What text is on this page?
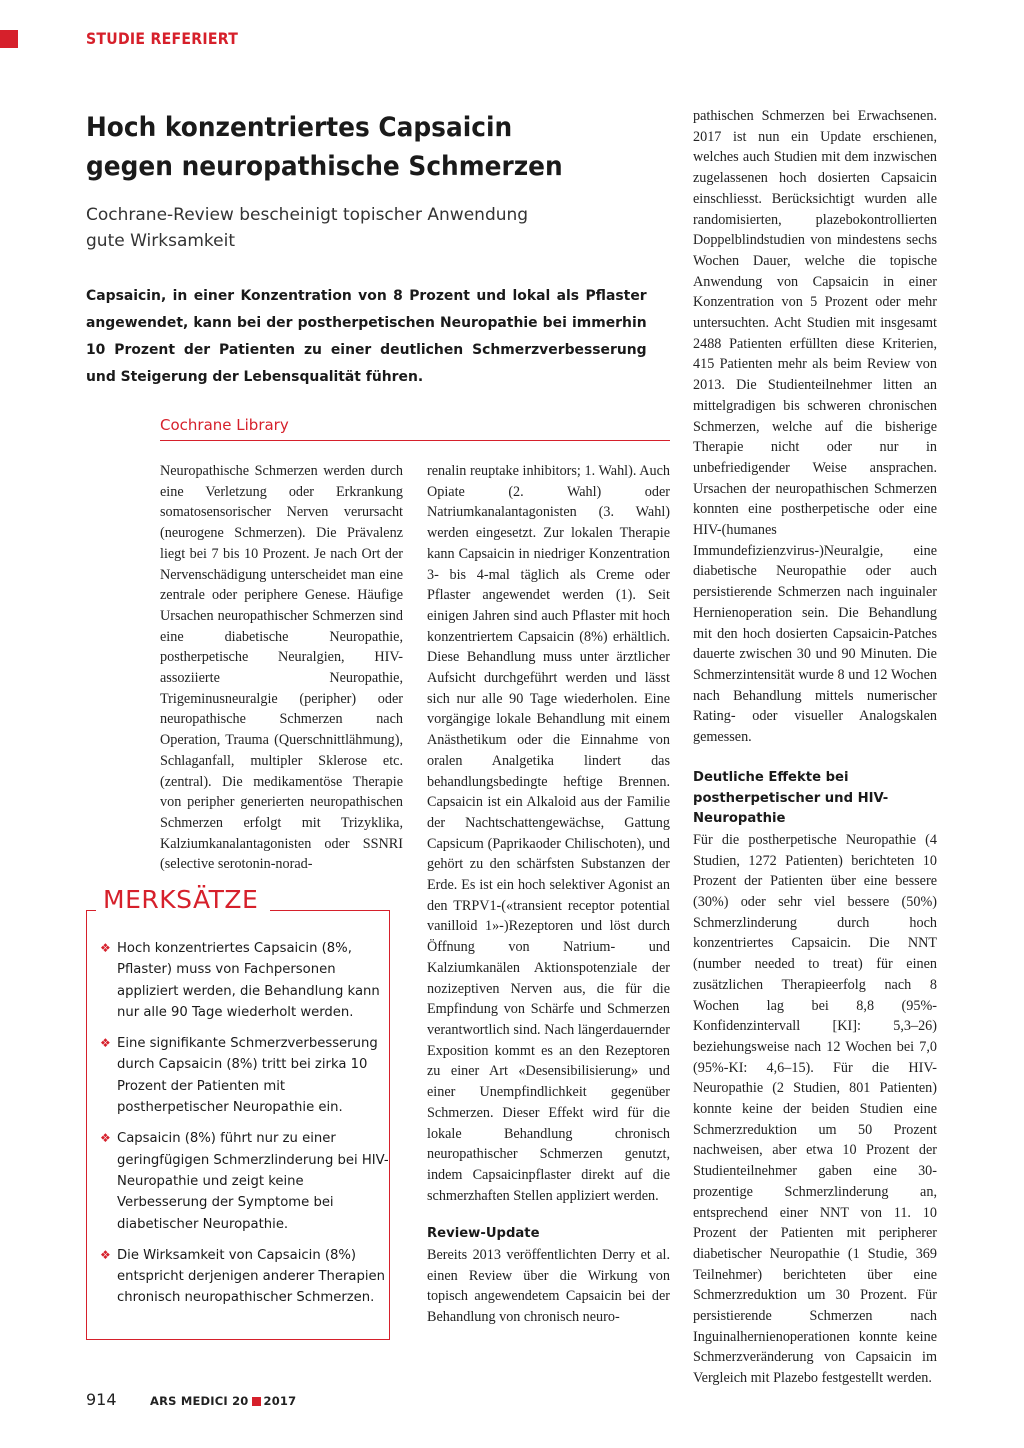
STUDIE REFERIERT
Hoch konzentriertes Capsaicin
gegen neuropathische Schmerzen
Cochrane-Review bescheinigt topischer Anwendung
gute Wirksamkeit
Capsaicin, in einer Konzentration von 8 Prozent und lokal als Pflaster angewendet, kann bei der postherpetischen Neuropathie bei immerhin 10 Prozent der Patienten zu einer deutlichen Schmerzverbesserung und Steigerung der Lebensqualität führen.
Cochrane Library

Neuropathische Schmerzen werden durch eine Verletzung oder Erkrankung somatosensorischer Nerven verursacht (neurogene Schmerzen). Die Prävalenz liegt bei 7 bis 10 Prozent. Je nach Ort der Nervenschädigung unterscheidet man eine zentrale oder periphere Genese. Häufige Ursachen neuropathischer Schmerzen sind eine diabetische Neuropathie, postherpetische Neuralgien, HIV-assoziierte Neuropathie, Trigeminusneuralgie (peripher) oder neuropathische Schmerzen nach Operation, Trauma (Querschnittlähmung), Schlaganfall, multipler Sklerose etc. (zentral). Die medikamentöse Therapie von peripher generierten neuropathischen Schmerzen erfolgt mit Trizyklika, Kalziumkanalantagonisten oder SSNRI (selective serotonin-norad-

renalin reuptake inhibitors; 1. Wahl). Auch Opiate (2. Wahl) oder Natriumkanalantagonisten (3. Wahl) werden eingesetzt. Zur lokalen Therapie kann Capsaicin in niedriger Konzentration 3- bis 4-mal täglich als Creme oder Pflaster angewendet werden (1). Seit einigen Jahren sind auch Pflaster mit hoch konzentriertem Capsaicin (8%) erhältlich. Diese Behandlung muss unter ärztlicher Aufsicht durchgeführt werden und lässt sich nur alle 90 Tage wiederholen. Eine vorgängige lokale Behandlung mit einem Anästhetikum oder die Einnahme von oralen Analgetika lindert das behandlungsbedingte heftige Brennen. Capsaicin ist ein Alkaloid aus der Familie der Nachtschattengewächse, Gattung Capsicum (Paprikaoder Chilischoten), und gehört zu den schärfsten Substanzen der Erde. Es ist ein hoch selektiver Agonist an den TRPV1-(«transient receptor potential vanilloid 1»-)Rezeptoren und löst durch Öffnung von Natrium- und Kalziumkanälen Aktionspotenziale der nozizeptiven Nerven aus, die für die Empfindung von Schärfe und Schmerzen verantwortlich sind. Nach längerdauernder Exposition kommt es an den Rezeptoren zu einer Art «Desensibilisierung» und einer Unempfindlichkeit gegenüber Schmerzen. Dieser Effekt wird für die lokale Behandlung chronisch neuropathischer Schmerzen genutzt, indem Capsaicinpflaster direkt auf die schmerzhaften Stellen appliziert werden.

Review-Update

Bereits 2013 veröffentlichten Derry et al. einen Review über die Wirkung von topisch angewendetem Capsaicin bei der Behandlung von chronisch neuro-

pathischen Schmerzen bei Erwachsenen. 2017 ist nun ein Update erschienen, welches auch Studien mit dem inzwischen zugelassenen hoch dosierten Capsaicin einschliesst. Berücksichtigt wurden alle randomisierten, plazebokontrollierten Doppelblindstudien von mindestens sechs Wochen Dauer, welche die topische Anwendung von Capsaicin in einer Konzentration von 5 Prozent oder mehr untersuchten. Acht Studien mit insgesamt 2488 Patienten erfüllten diese Kriterien, 415 Patienten mehr als beim Review von 2013. Die Studienteilnehmer litten an mittelgradigen bis schweren chronischen Schmerzen, welche auf die bisherige Therapie nicht oder nur in unbefriedigender Weise ansprachen. Ursachen der neuropathischen Schmerzen konnten eine postherpetische oder eine HIV-(humanes Immundefizienzvirus-)Neuralgie, eine diabetische Neuropathie oder auch persistierende Schmerzen nach inguinaler Hernienoperation sein. Die Behandlung mit den hoch dosierten Capsaicin-Patches dauerte zwischen 30 und 90 Minuten. Die Schmerzintensität wurde 8 und 12 Wochen nach Behandlung mittels numerischer Rating- oder visueller Analogskalen gemessen.

Deutliche Effekte bei postherpetischer und HIV-Neuropathie

Für die postherpetische Neuropathie (4 Studien, 1272 Patienten) berichteten 10 Prozent der Patienten über eine bessere (30%) oder sehr viel bessere (50%) Schmerzlinderung durch hoch konzentriertes Capsaicin. Die NNT (number needed to treat) für einen zusätzlichen Therapieerfolg nach 8 Wochen lag bei 8,8 (95%-Konfidenzintervall [KI]: 5,3–26) beziehungsweise nach 12 Wochen bei 7,0 (95%-KI: 4,6–15). Für die HIV-Neuropathie (2 Studien, 801 Patienten) konnte keine der beiden Studien eine Schmerzreduktion um 50 Prozent nachweisen, aber etwa 10 Prozent der Studienteilnehmer gaben eine 30-prozentige Schmerzlinderung an, entsprechend einer NNT von 11. 10 Prozent der Patienten mit peripherer diabetischer Neuropathie (1 Studie, 369 Teilnehmer) berichteten über eine Schmerzreduktion um 30 Prozent. Für persistierende Schmerzen nach Inguinalhernienoperationen konnte keine Schmerzveränderung von Capsaicin im Vergleich mit Plazebo festgestellt werden.

MERKSÄTZE
❖ Hoch konzentriertes Capsaicin (8%, Pflaster) muss von Fachpersonen appliziert werden, die Behandlung kann nur alle 90 Tage wiederholt werden.
❖ Eine signifikante Schmerzverbesserung durch Capsaicin (8%) tritt bei zirka 10 Prozent der Patienten mit postherpetischer Neuropathie ein.
❖ Capsaicin (8%) führt nur zu einer geringfügigen Schmerzlinderung bei HIV-Neuropathie und zeigt keine Verbesserung der Symptome bei diabetischer Neuropathie.
❖ Die Wirksamkeit von Capsaicin (8%) entspricht derjenigen anderer Therapien chronisch neuropathischer Schmerzen.
914	ARS MEDICI 20 2017
